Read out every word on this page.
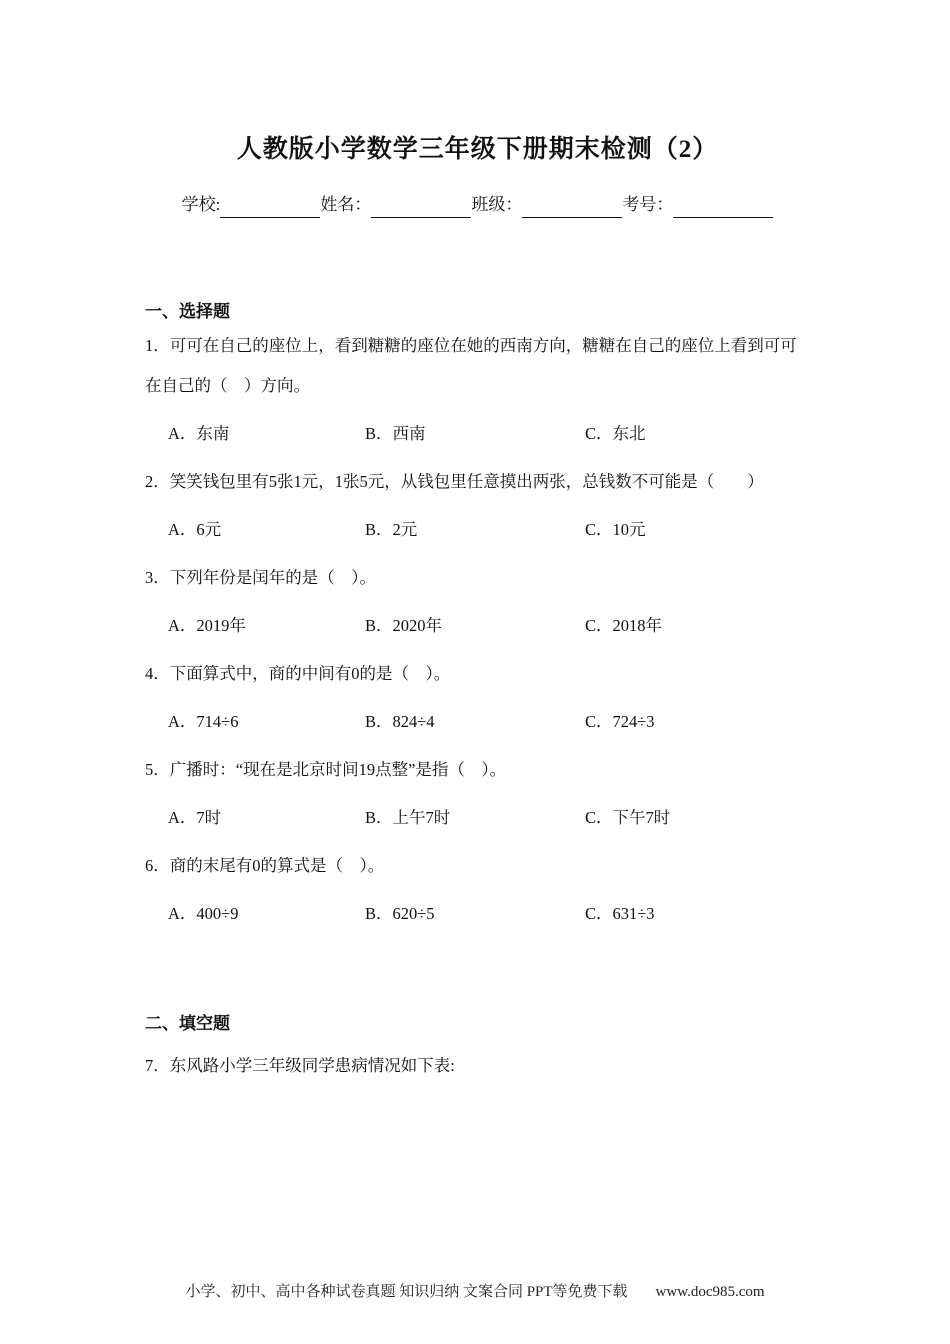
人教版小学数学三年级下册期末检测（2）
学校:	姓名：	班级：	考号：
一、选择题

1．可可在自己的座位上，看到糖糖的座位在她的西南方向，糖糖在自己的座位上看到可可在自己的（　）方向。

A．东南	B．西南	C．东北

2．笑笑钱包里有5张1元，1张5元，从钱包里任意摸出两张，总钱数不可能是（　　）

A．6元	B．2元	C．10元

3．下列年份是闰年的是（　）。

A．2019年	B．2020年	C．2018年

4．下面算式中，商的中间有0的是（　）。

A．714÷6	B．824÷4	C．724÷3

5．广播时：“现在是北京时间19点整”是指（　）。

A．7时	B．上午7时	C．下午7时

6．商的末尾有0的算式是（　）。

A．400÷9	B．620÷5	C．631÷3
二、填空题

7．东风路小学三年级同学患病情况如下表:

小学、初中、高中各种试卷真题 知识归纳 文案合同 PPT等免费下载 www.doc985.com
